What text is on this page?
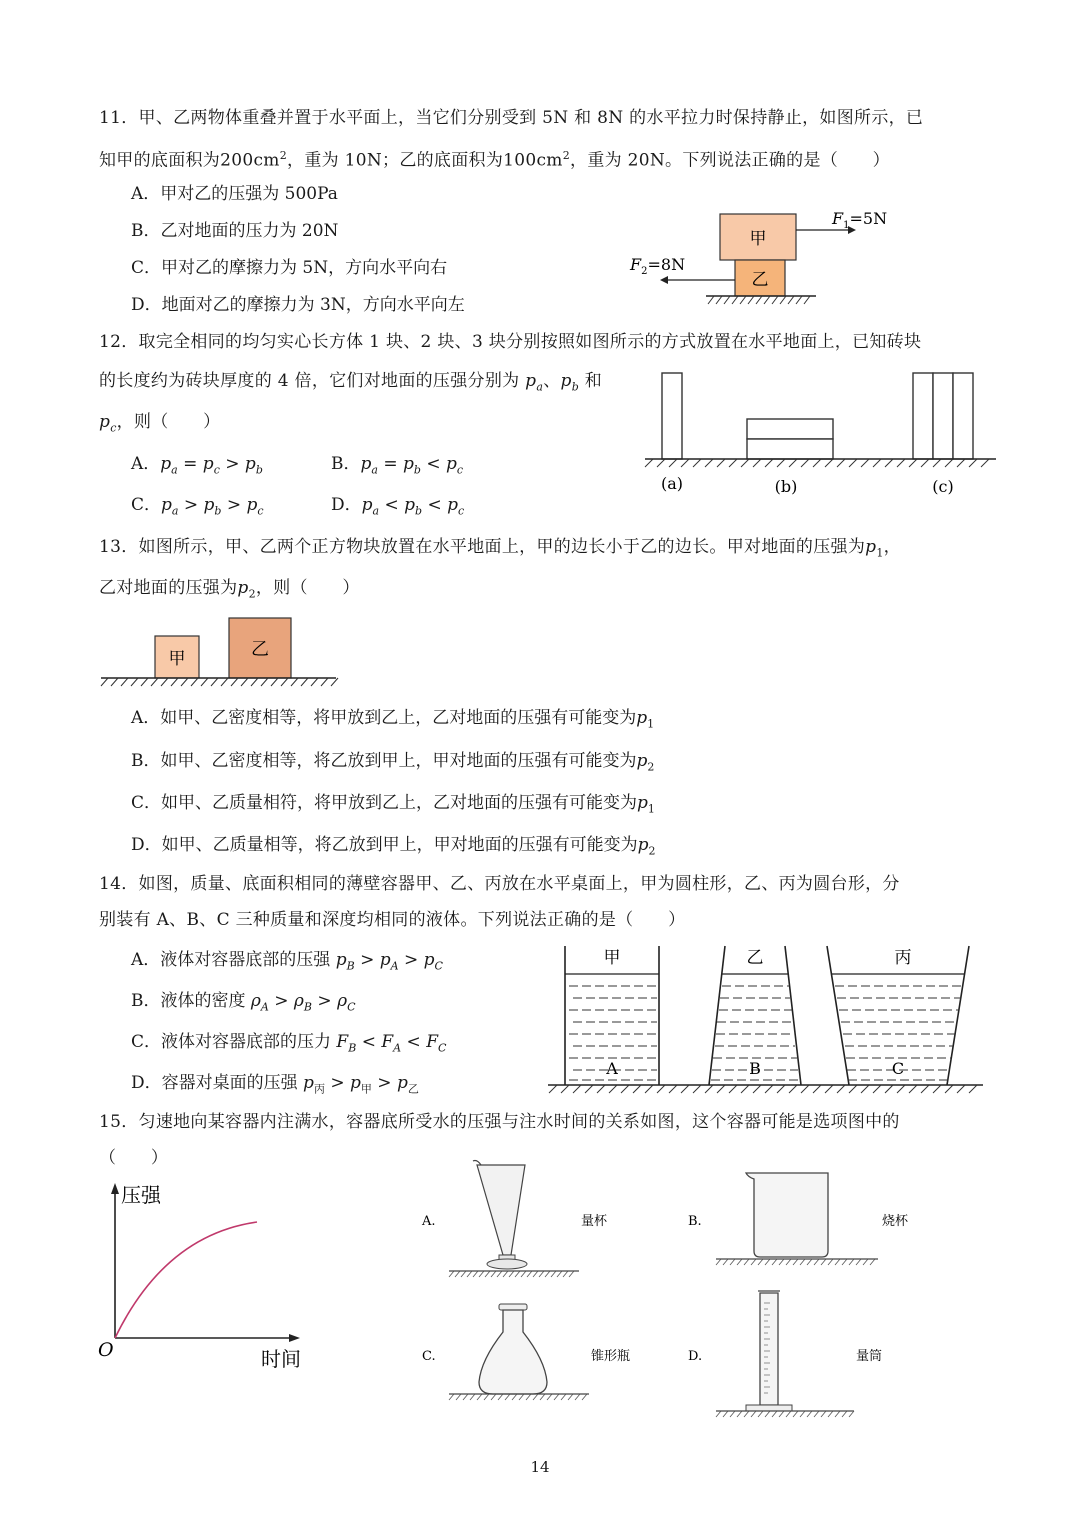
11．甲、乙两物体重叠并置于水平面上，当它们分别受到 5N 和 8N 的水平拉力时保持静止，如图所示，已
知甲的底面积为$200cm^2$，重为 10N；乙的底面积为$100cm^2$，重为 20N。下列说法正确的是（　　）
A．甲对乙的压强为 500Pa
B．乙对地面的压力为 20N
C．甲对乙的摩擦力为 5N，方向水平向右
D．地面对乙的摩擦力为 3N，方向水平向左
甲
乙
$F_1=5N$
$F_2=8N$
12．取完全相同的均匀实心长方体 1 块、2 块、3 块分别按照如图所示的方式放置在水平地面上，已知砖块
的长度约为砖块厚度的 4 倍，它们对地面的压强分别为 $p_a$、$p_b$ 和
$p_c$，则（　　）
A．$p_a = p_c > p_b$	B．$p_a = p_b < p_c$
C．$p_a > p_b > p_c$	D．$p_a < p_b < p_c$
(a)	(b)	(c)
13．如图所示，甲、乙两个正方物块放置在水平地面上，甲的边长小于乙的边长。甲对地面的压强为$p_1$，
乙对地面的压强为$p_2$，则（　　）
甲	乙
A．如甲、乙密度相等，将甲放到乙上，乙对地面的压强有可能变为$p_1$
B．如甲、乙密度相等，将乙放到甲上，甲对地面的压强有可能变为$p_2$
C．如甲、乙质量相符，将甲放到乙上，乙对地面的压强有可能变为$p_1$
D．如甲、乙质量相等，将乙放到甲上，甲对地面的压强有可能变为$p_2$
14．如图，质量、底面积相同的薄壁容器甲、乙、丙放在水平桌面上，甲为圆柱形，乙、丙为圆台形，分
别装有 A、B、C 三种质量和深度均相同的液体。下列说法正确的是（　　）
A．液体对容器底部的压强 $p_B > p_A > p_C$
B．液体的密度 $\rho_A > \rho_B > \rho_C$
C．液体对容器底部的压力 $F_B < F_A < F_C$
D．容器对桌面的压强 $p_丙 > p_甲 > p_乙$
甲
A
乙
B
丙
C
15．匀速地向某容器内注满水，容器底所受水的压强与注水时间的关系如图，这个容器可能是选项图中的
（　　）
压强
时间
O
A.	量杯	B.	烧杯
C.	锥形瓶	D.	量筒
14
